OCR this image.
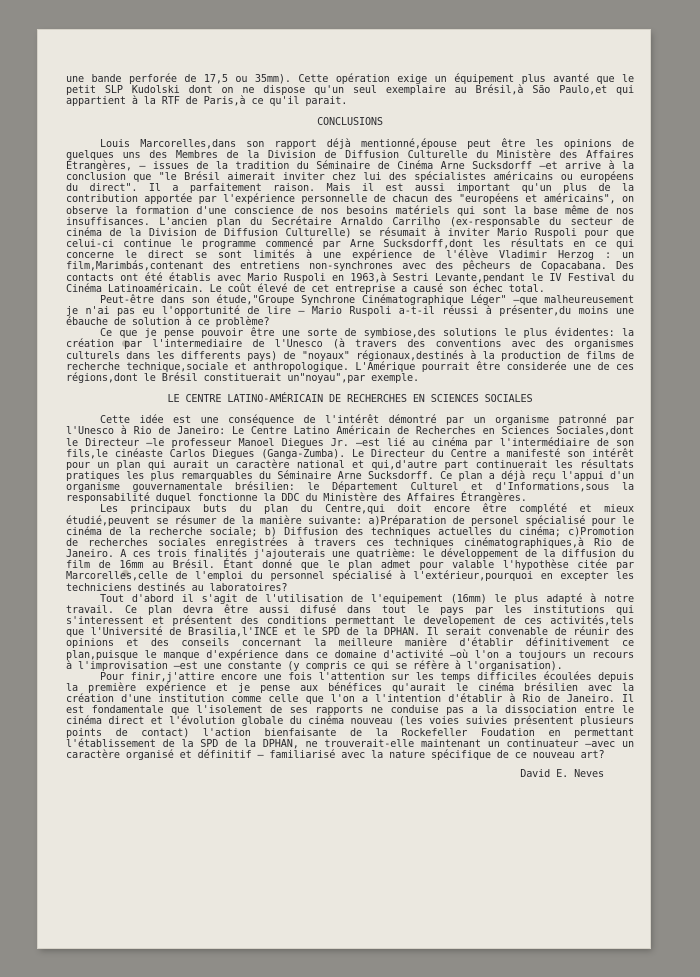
une bande perforée de 17,5 ou 35mm). Cette opération exige un équipement plus avanté que le petit SLP Kudolski dont on ne dispose qu'un seul exemplaire au Brésil,à São Paulo,et qui appartient à la RTF de Paris,à ce qu'il parait.

CONCLUSIONS

Louis Marcorelles,dans son rapport déjà mentionné,épouse peut être les opinions de quelques uns des Membres de la Division de Diffusion Culturelle du Ministère des Affaires Étrangères, — issues de la tradition du Séminaire de Cinéma Arne Sucksdorff —et arrive à la conclusion que "le Brésil aimerait inviter chez lui des spécialistes américains ou européens du direct". Il a parfaitement raison. Mais il est aussi important qu'un plus de la contribution apportée par l'expérience personnelle de chacun des "européens et américains", on observe la formation d'une conscience de nos besoins matériels qui sont la base même de nos insuffisances. L'ancien plan du Secrétaire Arnaldo Carrilho (ex-responsable du secteur de cinéma de la Division de Diffusion Culturelle) se résumait à inviter Mario Ruspoli pour que celui-ci continue le programme commencé par Arne Sucksdorff,dont les résultats en ce qui concerne le direct se sont limités à une expérience de l'élève Vladimir Herzog : un film,Marimbás,contenant des entretiens non-synchrones avec des pêcheurs de Copacabana. Des contacts ont été établis avec Mario Ruspoli en 1963,à Sestri Levante,pendant le IV Festival du Cinéma Latinoaméricain. Le coût élevé de cet entreprise a causé son échec total.

Peut-être dans son étude,"Groupe Synchrone Cinématographique Léger" —que malheureusement je n'ai pas eu l'opportunité de lire — Mario Ruspoli a-t-il réussi à présenter,du moins une ébauche de solution à ce problème?

Ce que je pense pouvoir être une sorte de symbiose,des solutions le plus évidentes: la création par l'intermediaire de l'Unesco (à travers des conventions avec des organismes culturels dans les differents pays) de "noyaux" régionaux,destinés à la production de films de recherche technique,sociale et anthropologique. L'Amérique pourrait être considerée une de ces régions,dont le Brésil constituerait un"noyau",par exemple.

LE CENTRE LATINO-AMÉRICAIN DE RECHERCHES EN SCIENCES SOCIALES

Cette idée est une conséquence de l'intérêt démontré par un organisme patronné par l'Unesco à Rio de Janeiro: Le Centre Latino Américain de Recherches en Sciences Sociales,dont le Directeur —le professeur Manoel Diegues Jr. —est lié au cinéma par l'intermédiaire de son fils,le cinéaste Carlos Diegues (Ganga-Zumba). Le Directeur du Centre a manifesté son intérêt pour un plan qui aurait un caractère national et qui,d'autre part continuerait les résultats pratiques les plus remarquables du Séminaire Arne Sucksdorff. Ce plan a déjà reçu l'appui d'un organisme gouvernamentale brésilien: le Département Culturel et d'Informations,sous la responsabilité duquel fonctionne la DDC du Ministère des Affaires Étrangères.

Les principaux buts du plan du Centre,qui doit encore être complété et mieux étudié,peuvent se résumer de la manière suivante: a)Préparation de personel spécialisé pour le cinéma de la recherche sociale; b) Diffusion des techniques actuelles du cinéma; c)Promotion de recherches sociales enregistrées à travers ces techniques cinématographiques,à Rio de Janeiro. A ces trois finalités j'ajouterais une quatrième: le développement de la diffusion du film de 16mm au Brésil. Étant donné que le plan admet pour valable l'hypothèse citée par Marcorelles,celle de l'emploi du personnel spécialisé à l'extérieur,pourquoi en excepter les techniciens destinés au laboratoires?

Tout d'abord il s'agit de l'utilisation de l'equipement (16mm) le plus adapté à notre travail. Ce plan devra être aussi difusé dans tout le pays par les institutions qui s'interessent et présentent des conditions permettant le developement de ces activités,tels que l'Université de Brasilia,l'INCE et le SPD de la DPHAN. Il serait convenable de réunir des opinions et des conseils concernant la meilleure manière d'établir définitivement ce plan,puisque le manque d'expérience dans ce domaine d'activité —où l'on a toujours un recours à l'improvisation —est une constante (y compris ce qui se réfère à l'organisation).

Pour finir,j'attire encore une fois l'attention sur les temps difficiles écoulées depuis la première expérience et je pense aux bénéfices qu'aurait le cinéma brésilien avec la création d'une institution comme celle que l'on a l'intention d'établir à Rio de Janeiro. Il est fondamentale que l'isolement de ses rapports ne conduise pas a la dissociation entre le cinéma direct et l'évolution globale du cinéma nouveau (les voies suivies présentent plusieurs points de contact) l'action bienfaisante de la Rockefeller Foudation en permettant l'établissement de la SPD de la DPHAN, ne trouverait-elle maintenant un continuateur —avec un caractère organisé et définitif — familiarisé avec la nature spécifique de ce nouveau art?

David E. Neves
